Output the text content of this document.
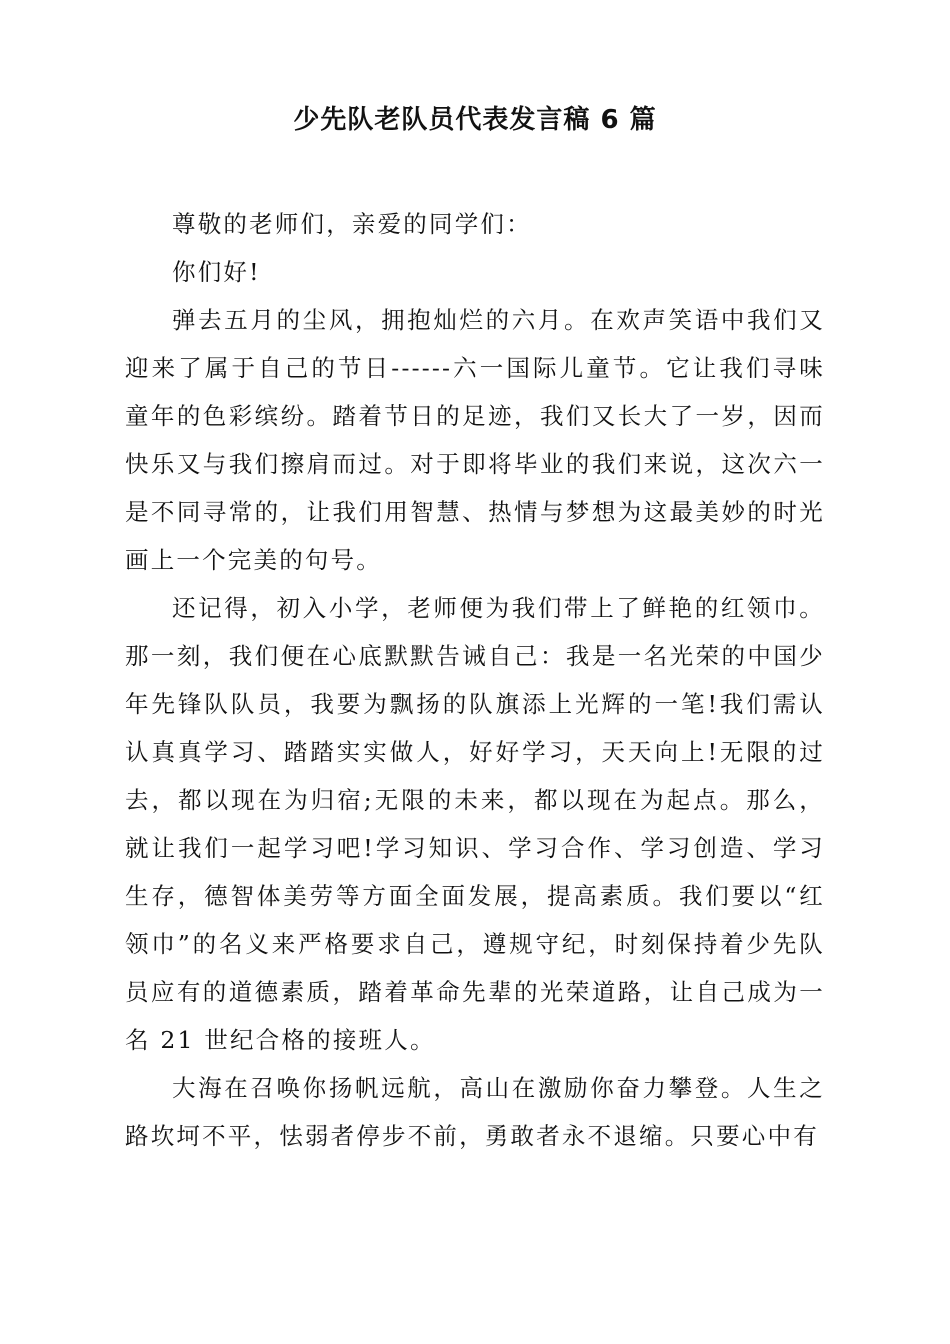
少先队老队员代表发言稿 6 篇

尊敬的老师们，亲爱的同学们：

你们好!

弹去五月的尘风，拥抱灿烂的六月。在欢声笑语中我们又迎来了属于自己的节日------六一国际儿童节。它让我们寻味童年的色彩缤纷。踏着节日的足迹，我们又长大了一岁，因而快乐又与我们擦肩而过。对于即将毕业的我们来说，这次六一是不同寻常的，让我们用智慧、热情与梦想为这最美妙的时光画上一个完美的句号。

还记得，初入小学，老师便为我们带上了鲜艳的红领巾。那一刻，我们便在心底默默告诫自己：我是一名光荣的中国少年先锋队队员，我要为飘扬的队旗添上光辉的一笔!我们需认认真真学习、踏踏实实做人，好好学习，天天向上!无限的过去，都以现在为归宿;无限的未来，都以现在为起点。那么，就让我们一起学习吧!学习知识、学习合作、学习创造、学习生存，德智体美劳等方面全面发展，提高素质。我们要以“红领巾”的名义来严格要求自己，遵规守纪，时刻保持着少先队员应有的道德素质，踏着革命先辈的光荣道路，让自己成为一名 21 世纪合格的接班人。

大海在召唤你扬帆远航，高山在激励你奋力攀登。人生之路坎坷不平，怯弱者停步不前，勇敢者永不退缩。只要心中有
